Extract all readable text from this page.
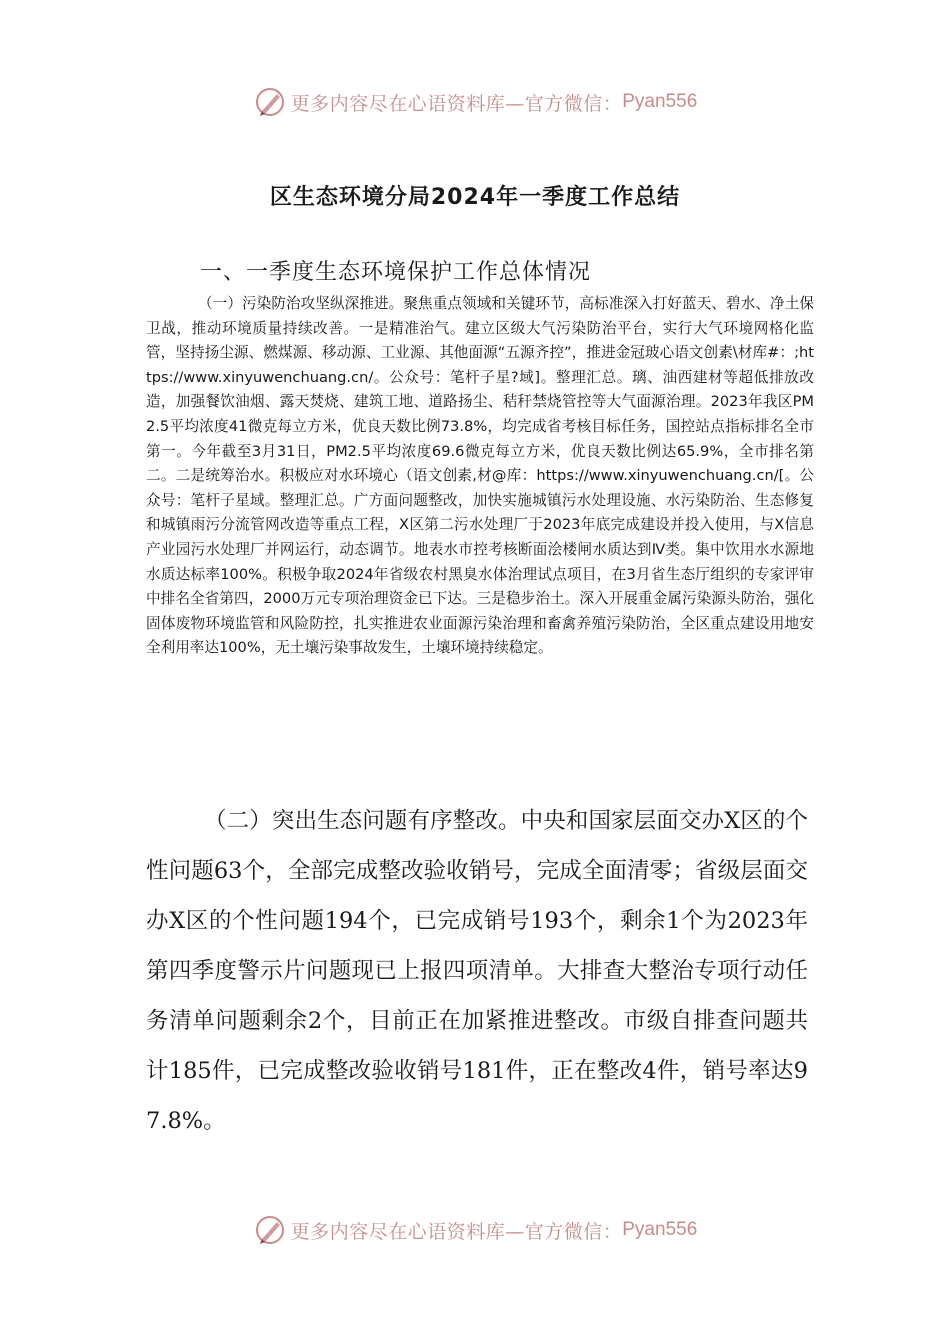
更多内容尽在心语资料库—官方微信： Pyan556
区生态环境分局2024年一季度工作总结
一、一季度生态环境保护工作总体情况

（一）污染防治攻坚纵深推进。聚焦重点领域和关键环节，高标准深入打好蓝天、碧水、净土保卫战，推动环境质量持续改善。一是精准治气。建立区级大气污染防治平台，实行大气环境网格化监管，坚持扬尘源、燃煤源、移动源、工业源、其他面源“五源齐控”，推进金冠玻心语文创素\材库#：;https://www.xinyuwenchuang.cn/。公众号：笔杆子星?域]。整理汇总。璃、油西建材等超低排放改造，加强餐饮油烟、露天焚烧、建筑工地、道路扬尘、秸秆禁烧管控等大气面源治理。2023年我区PM2.5平均浓度41微克每立方米，优良天数比例73.8%，均完成省考核目标任务，国控站点指标排名全市第一。今年截至3月31日，PM2.5平均浓度69.6微克每立方米，优良天数比例达65.9%，全市排名第二。二是统筹治水。积极应对水环境心（语文创素,材@库：https://www.xinyuwenchuang.cn/[。公众号：笔杆子星域。整理汇总。广方面问题整改，加快实施城镇污水处理设施、水污染防治、生态修复和城镇雨污分流管网改造等重点工程，X区第二污水处理厂于2023年底完成建设并投入使用，与X信息产业园污水处理厂并网运行，动态调节。地表水市控考核断面浍楼闸水质达到Ⅳ类。集中饮用水水源地水质达标率100%。积极争取2024年省级农村黑臭水体治理试点项目，在3月省生态厅组织的专家评审中排名全省第四，2000万元专项治理资金已下达。三是稳步治土。深入开展重金属污染源头防治，强化固体废物环境监管和风险防控，扎实推进农业面源污染治理和畜禽养殖污染防治，全区重点建设用地安全利用率达100%，无土壤污染事故发生，土壤环境持续稳定。

（二）突出生态问题有序整改。中央和国家层面交办X区的个性问题63个，全部完成整改验收销号，完成全面清零；省级层面交办X区的个性问题194个，已完成销号193个，剩余1个为2023年第四季度警示片问题现已上报四项清单。大排查大整治专项行动任务清单问题剩余2个，目前正在加紧推进整改。市级自排查问题共计185件，已完成整改验收销号181件，正在整改4件，销号率达97.8%。

更多内容尽在心语资料库—官方微信： Pyan556
